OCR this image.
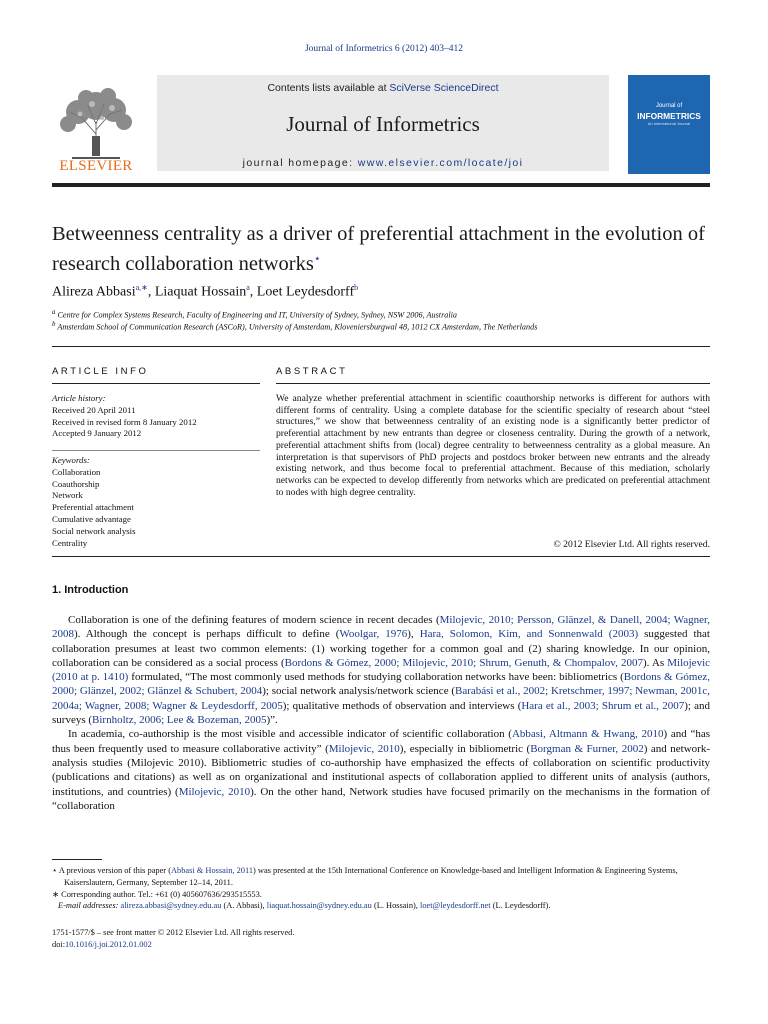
Journal of Informetrics 6 (2012) 403–412
ELSEVIER
Contents lists available at SciVerse ScienceDirect
Journal of Informetrics
journal homepage: www.elsevier.com/locate/joi
Journal of
INFORMETRICS
An International Journal
Betweenness centrality as a driver of preferential attachment in the evolution of research collaboration networks⋆
Alireza Abbasi$^{a,∗}$, Liaquat Hossain$^a$, Loet Leydesdorff$^b$
$^a$ Centre for Complex Systems Research, Faculty of Engineering and IT, University of Sydney, Sydney, NSW 2006, Australia
$^b$ Amsterdam School of Communication Research (ASCoR), University of Amsterdam, Kloveniersburgwal 48, 1012 CX Amsterdam, The Netherlands
ARTICLE INFO	ABSTRACT
Article history:
Received 20 April 2011
Received in revised form 8 January 2012
Accepted 9 January 2012
Keywords:
Collaboration
Coauthorship
Network
Preferential attachment
Cumulative advantage
Social network analysis
Centrality
We analyze whether preferential attachment in scientific coauthorship networks is different for authors with different forms of centrality. Using a complete database for the scientific specialty of research about “steel structures,” we show that betweenness centrality of an existing node is a significantly better predictor of preferential attachment by new entrants than degree or closeness centrality. During the growth of a network, preferential attachment shifts from (local) degree centrality to betweenness centrality as a global measure. An interpretation is that supervisors of PhD projects and postdocs broker between new entrants and the already existing network, and thus become focal to preferential attachment. Because of this mediation, scholarly networks can be expected to develop differently from networks which are predicated on preferential attachment to nodes with high degree centrality.
© 2012 Elsevier Ltd. All rights reserved.
1. Introduction

Collaboration is one of the defining features of modern science in recent decades (Milojevic, 2010; Persson, Glänzel, & Danell, 2004; Wagner, 2008). Although the concept is perhaps difficult to define (Woolgar, 1976), Hara, Solomon, Kim, and Sonnenwald (2003) suggested that collaboration presumes at least two common elements: (1) working together for a common goal and (2) sharing knowledge. In our opinion, collaboration can be considered as a social process (Bordons & Gómez, 2000; Milojevic, 2010; Shrum, Genuth, & Chompalov, 2007). As Milojevic (2010 at p. 1410) formulated, “The most commonly used methods for studying collaboration networks have been: bibliometrics (Bordons & Gómez, 2000; Glänzel, 2002; Glänzel & Schubert, 2004); social network analysis/network science (Barabási et al., 2002; Kretschmer, 1997; Newman, 2001c, 2004a; Wagner, 2008; Wagner & Leydesdorff, 2005); qualitative methods of observation and interviews (Hara et al., 2003; Shrum et al., 2007); and surveys (Birnholtz, 2006; Lee & Bozeman, 2005)”.

In academia, co-authorship is the most visible and accessible indicator of scientific collaboration (Abbasi, Altmann & Hwang, 2010) and “has thus been frequently used to measure collaborative activity” (Milojevic, 2010), especially in bibliometric (Borgman & Furner, 2002) and network-analysis studies (Milojevic 2010). Bibliometric studies of co-authorship have emphasized the effects of collaboration on scientific productivity (publications and citations) as well as on organizational and institutional aspects of collaboration applied to different units of analysis (authors, institutions, and countries) (Milojevic, 2010). On the other hand, Network studies have focused primarily on the mechanisms in the formation of “collaboration

⋆ A previous version of this paper (Abbasi & Hossain, 2011) was presented at the 15th International Conference on Knowledge-based and Intelligent Information & Engineering Systems, Kaiserslautern, Germany, September 12–14, 2011.

∗ Corresponding author. Tel.: +61 (0) 405607636/293515553.

E-mail addresses: alireza.abbasi@sydney.edu.au (A. Abbasi), liaquat.hossain@sydney.edu.au (L. Hossain), loet@leydesdorff.net (L. Leydesdorff).

1751-1577/$ – see front matter © 2012 Elsevier Ltd. All rights reserved.
doi:10.1016/j.joi.2012.01.002
